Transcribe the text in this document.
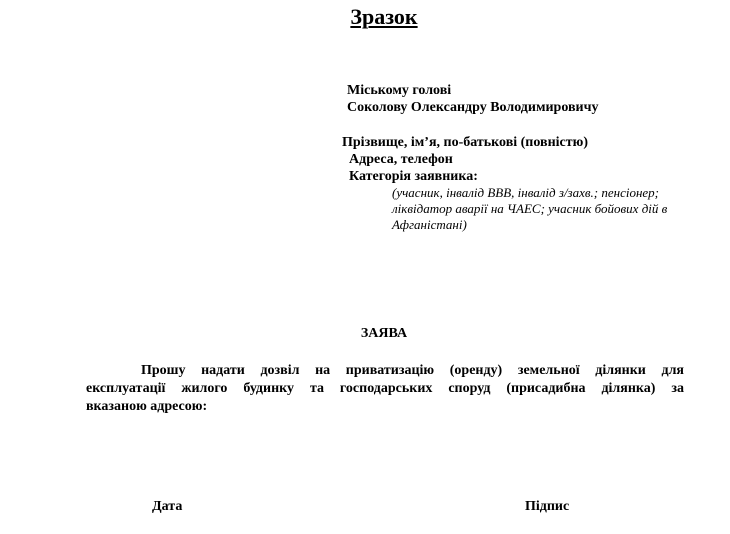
Зразок
Міському голові
Соколову Олександру Володимировичу
Прізвище, ім’я, по-батькові (повністю)
Адреса, телефон
Категорія заявника:
(учасник, інвалід ВВВ, інвалід з/захв.; пенсіонер;
ліквідатор аварії на ЧАЕС; учасник бойових дій в
Афганістані)
ЗАЯВА
Прошу надати дозвіл на приватизацію (оренду) земельної ділянки для
експлуатації жилого будинку та господарських споруд (присадибна ділянка) за
вказаною адресою:
Дата	Підпис
